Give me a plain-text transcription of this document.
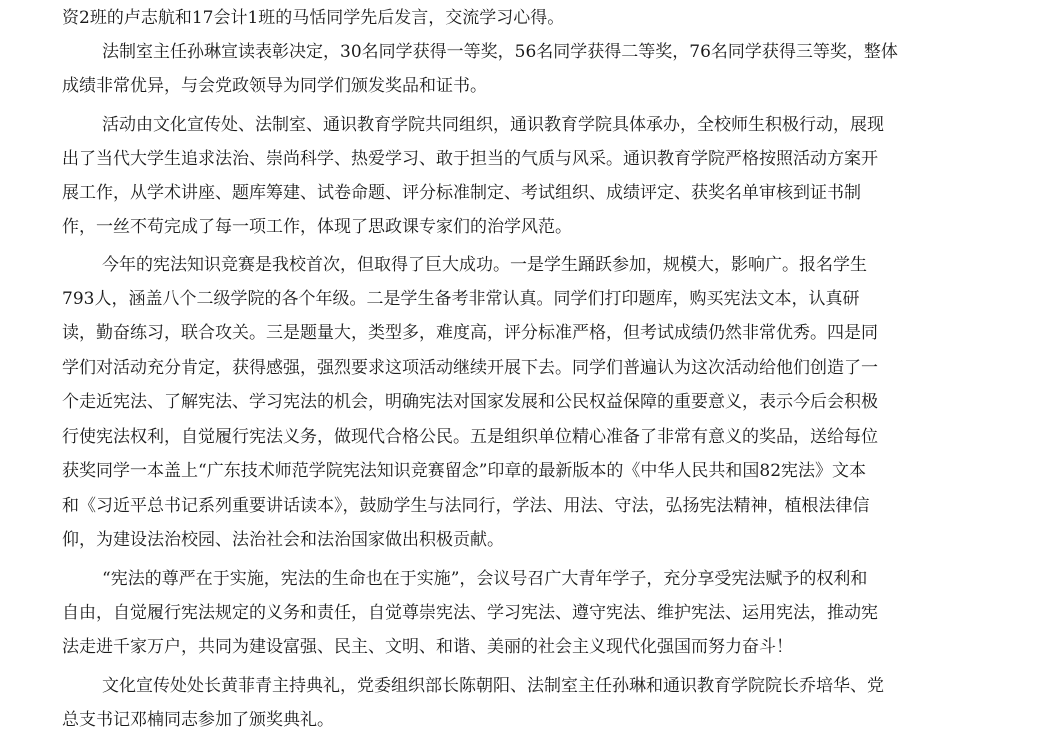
资2班的卢志航和17会计1班的马恬同学先后发言，交流学习心得。
法制室主任孙琳宣读表彰决定，30名同学获得一等奖，56名同学获得二等奖，76名同学获得三等奖，整体
成绩非常优异，与会党政领导为同学们颁发奖品和证书。
活动由文化宣传处、法制室、通识教育学院共同组织，通识教育学院具体承办，全校师生积极行动，展现
出了当代大学生追求法治、崇尚科学、热爱学习、敢于担当的气质与风采。通识教育学院严格按照活动方案开
展工作，从学术讲座、题库筹建、试卷命题、评分标准制定、考试组织、成绩评定、获奖名单审核到证书制
作，一丝不苟完成了每一项工作，体现了思政课专家们的治学风范。
今年的宪法知识竞赛是我校首次，但取得了巨大成功。一是学生踊跃参加，规模大，影响广。报名学生
793人，涵盖八个二级学院的各个年级。二是学生备考非常认真。同学们打印题库，购买宪法文本，认真研
读，勤奋练习，联合攻关。三是题量大，类型多，难度高，评分标准严格，但考试成绩仍然非常优秀。四是同
学们对活动充分肯定，获得感强，强烈要求这项活动继续开展下去。同学们普遍认为这次活动给他们创造了一
个走近宪法、了解宪法、学习宪法的机会，明确宪法对国家发展和公民权益保障的重要意义，表示今后会积极
行使宪法权利，自觉履行宪法义务，做现代合格公民。五是组织单位精心准备了非常有意义的奖品，送给每位
获奖同学一本盖上“广东技术师范学院宪法知识竞赛留念”印章的最新版本的《中华人民共和国82宪法》文本
和《习近平总书记系列重要讲话读本》，鼓励学生与法同行，学法、用法、守法，弘扬宪法精神，植根法律信
仰，为建设法治校园、法治社会和法治国家做出积极贡献。
“宪法的尊严在于实施，宪法的生命也在于实施”，会议号召广大青年学子，充分享受宪法赋予的权利和
自由，自觉履行宪法规定的义务和责任，自觉尊崇宪法、学习宪法、遵守宪法、维护宪法、运用宪法，推动宪
法走进千家万户，共同为建设富强、民主、文明、和谐、美丽的社会主义现代化强国而努力奋斗！
文化宣传处处长黄菲青主持典礼，党委组织部长陈朝阳、法制室主任孙琳和通识教育学院院长乔培华、党
总支书记邓楠同志参加了颁奖典礼。
